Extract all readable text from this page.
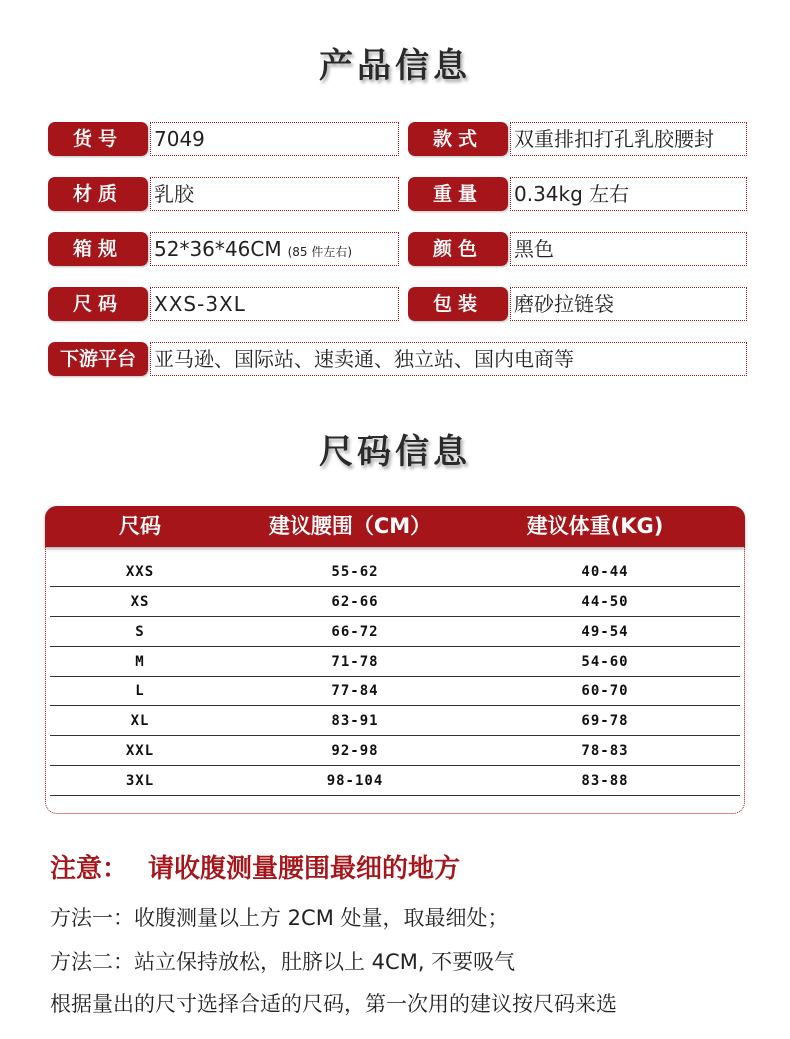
产品信息
货号	7049	款式	双重排扣打孔乳胶腰封
材质	乳胶	重量	0.34kg 左右
箱规	52*36*46CM (85 件左右)	颜色	黑色
尺码	XXS-3XL	包装	磨砂拉链袋
下游平台 亚马逊、国际站、速卖通、独立站、国内电商等
尺码信息
尺码	建议腰围（CM）	建议体重(KG)
XXS	55-62	40-44
XS	62-66	44-50
S	66-72	49-54
M	71-78	54-60
L	77-84	60-70
XL	83-91	69-78
XXL	92-98	78-83
3XL	98-104	83-88
注意： 请收腹测量腰围最细的地方
方法一：收腹测量以上方 2CM 处量，取最细处；
方法二：站立保持放松，肚脐以上 4CM, 不要吸气
根据量出的尺寸选择合适的尺码，第一次用的建议按尺码来选
